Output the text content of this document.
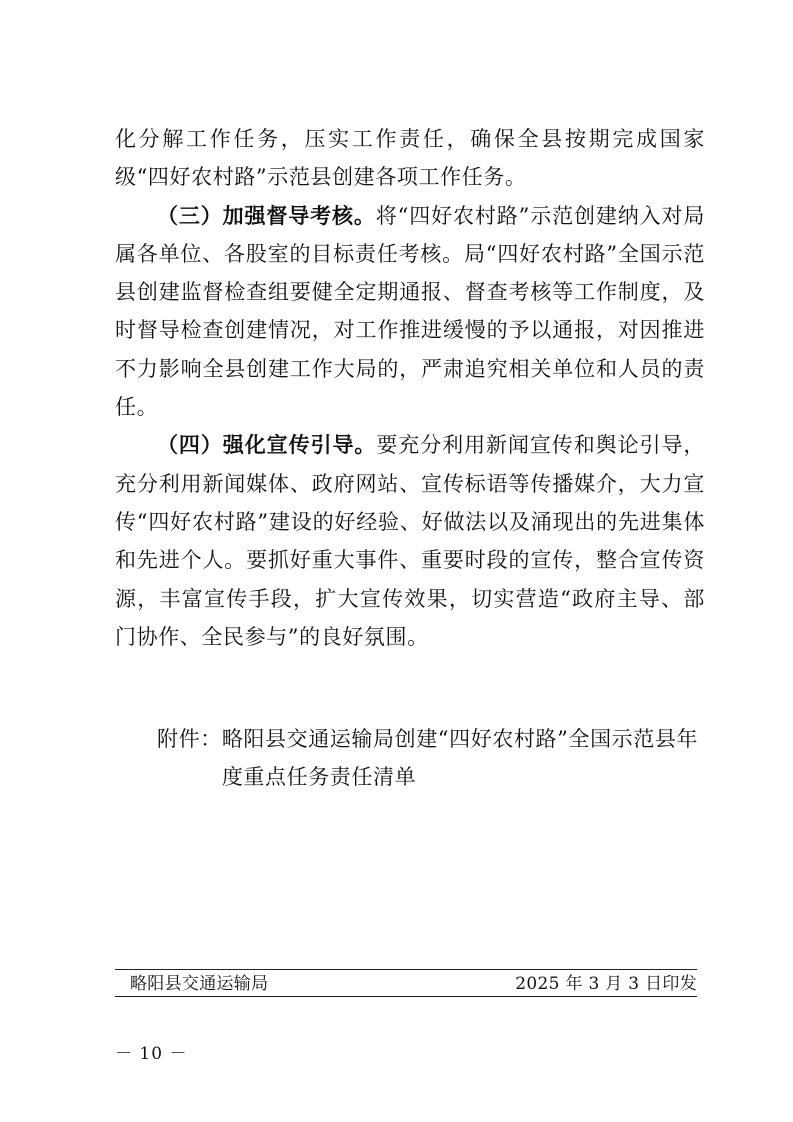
化分解工作任务，压实工作责任，确保全县按期完成国家级“四好农村路”示范县创建各项工作任务。

（三）加强督导考核。将“四好农村路”示范创建纳入对局属各单位、各股室的目标责任考核。局“四好农村路”全国示范县创建监督检查组要健全定期通报、督查考核等工作制度，及时督导检查创建情况，对工作推进缓慢的予以通报，对因推进不力影响全县创建工作大局的，严肃追究相关单位和人员的责任。

（四）强化宣传引导。要充分利用新闻宣传和舆论引导，充分利用新闻媒体、政府网站、宣传标语等传播媒介，大力宣传“四好农村路”建设的好经验、好做法以及涌现出的先进集体和先进个人。要抓好重大事件、重要时段的宣传，整合宣传资源，丰富宣传手段，扩大宣传效果，切实营造“政府主导、部门协作、全民参与”的良好氛围。

附件： 略阳县交通运输局创建“四好农村路”全国示范县年度重点任务责任清单
略阳县交通运输局	2025 年 3 月 3 日印发
－ 10 －
